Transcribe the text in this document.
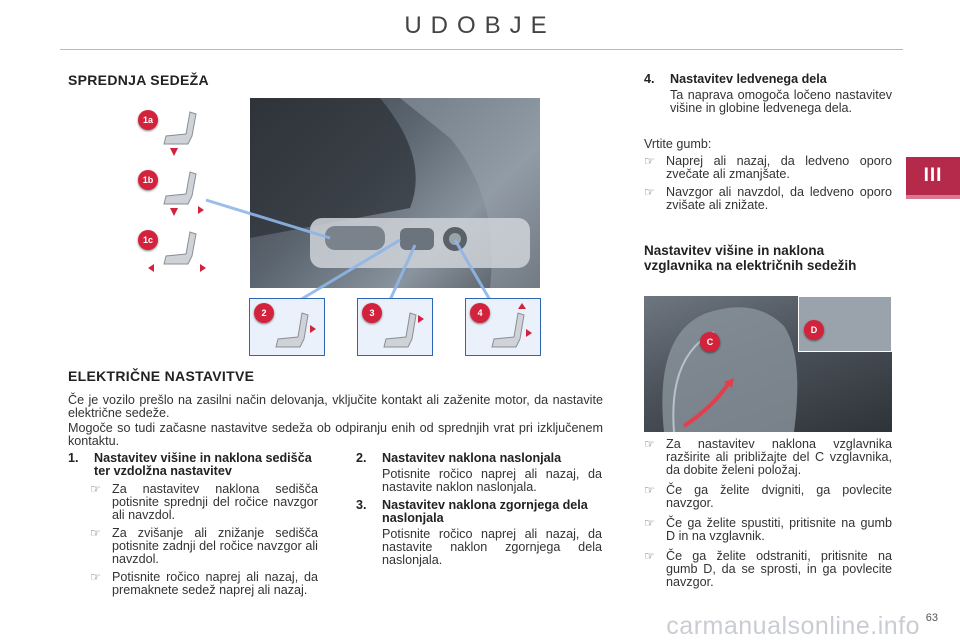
UDOBJE
III
SPREDNJA SEDEŽA
1a
1b
1c
2	3	4
ELEKTRIČNE NASTAVITVE

Če je vozilo prešlo na zasilni način delovanja, vključite kontakt ali zaženite motor, da nastavite električne sedeže.

Mogoče so tudi začasne nastavitve sedeža ob odpiranju enih od sprednjih vrat pri izključenem kontaktu.

1.	Nastavitev višine in naklona sedišča ter vzdolžna nastavitev
☞ Za nastavitev naklona sedišča potisnite sprednji del ročice navzgor ali navzdol.
☞ Za zvišanje ali znižanje sedišča potisnite zadnji del ročice navzgor ali navzdol.
☞ Potisnite ročico naprej ali nazaj, da premaknete sedež naprej ali nazaj.
2.	Nastavitev naklona naslonjala

Potisnite ročico naprej ali nazaj, da nastavite naklon naslonjala.

3.	Nastavitev naklona zgornjega dela naslonjala

Potisnite ročico naprej ali nazaj, da nastavite naklon zgornjega dela naslonjala.

4.	Nastavitev ledvenega dela

Ta naprava omogoča ločeno nastavitev višine in globine ledvenega dela.

Vrtite gumb:

☞ Naprej ali nazaj, da ledveno oporo zvečate ali zmanjšate.
☞ Navzgor ali navzdol, da ledveno oporo zvišate ali znižate.
Nastavitev višine in naklona vzglavnika na električnih sedežih
C
D
☞ Za nastavitev naklona vzglavnika razširite ali približajte del C vzglavnika, da dobite želeni položaj.
☞ Če ga želite dvigniti, ga povlecite navzgor.
☞ Če ga želite spustiti, pritisnite na gumb D in na vzglavnik.
☞ Če ga želite odstraniti, pritisnite na gumb D, da se sprosti, in ga povlecite navzgor.
carmanualsonline.info 63
